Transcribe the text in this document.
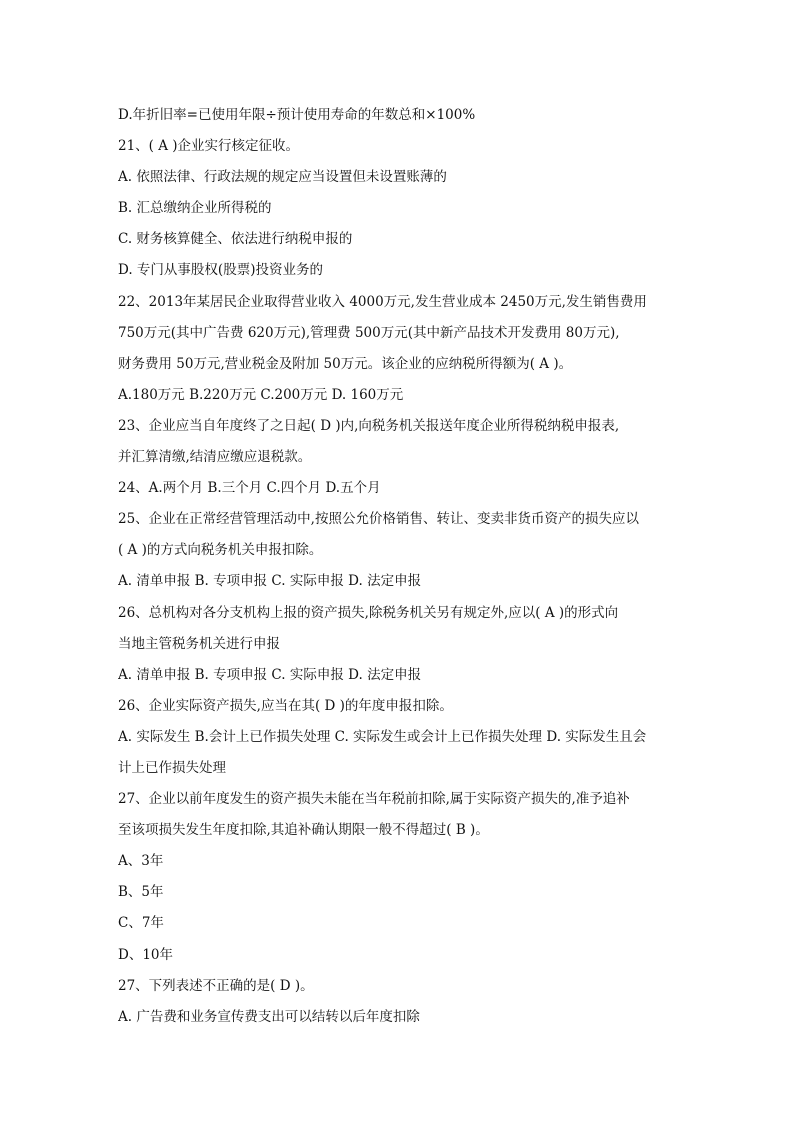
D.年折旧率=已使用年限÷预计使用寿命的年数总和×100%
21、( A )企业实行核定征收。
A. 依照法律、行政法规的规定应当设置但未设置账薄的
B. 汇总缴纳企业所得税的
C. 财务核算健全、依法进行纳税申报的
D. 专门从事股权(股票)投资业务的
22、2013年某居民企业取得营业收入 4000万元,发生营业成本 2450万元,发生销售费用
750万元(其中广告费 620万元),管理费 500万元(其中新产品技术开发费用 80万元),
财务费用 50万元,营业税金及附加 50万元。该企业的应纳税所得额为( A )。
A.180万元 B.220万元 C.200万元 D. 160万元
23、企业应当自年度终了之日起( D )内,向税务机关报送年度企业所得税纳税申报表,
并汇算清缴,结清应缴应退税款。
24、A.两个月 B.三个月 C.四个月 D.五个月
25、企业在正常经营管理活动中,按照公允价格销售、转让、变卖非货币资产的损失应以
( A )的方式向税务机关申报扣除。
A. 清单申报 B. 专项申报 C. 实际申报 D. 法定申报
26、总机构对各分支机构上报的资产损失,除税务机关另有规定外,应以( A )的形式向
当地主管税务机关进行申报
A. 清单申报 B. 专项申报 C. 实际申报 D. 法定申报
26、企业实际资产损失,应当在其( D )的年度申报扣除。
A. 实际发生 B.会计上已作损失处理 C. 实际发生或会计上已作损失处理 D. 实际发生且会
计上已作损失处理
27、企业以前年度发生的资产损失未能在当年税前扣除,属于实际资产损失的,准予追补
至该项损失发生年度扣除,其追补确认期限一般不得超过( B )。
A、3年
B、5年
C、7年
D、10年
27、下列表述不正确的是( D )。
A. 广告费和业务宣传费支出可以结转以后年度扣除
